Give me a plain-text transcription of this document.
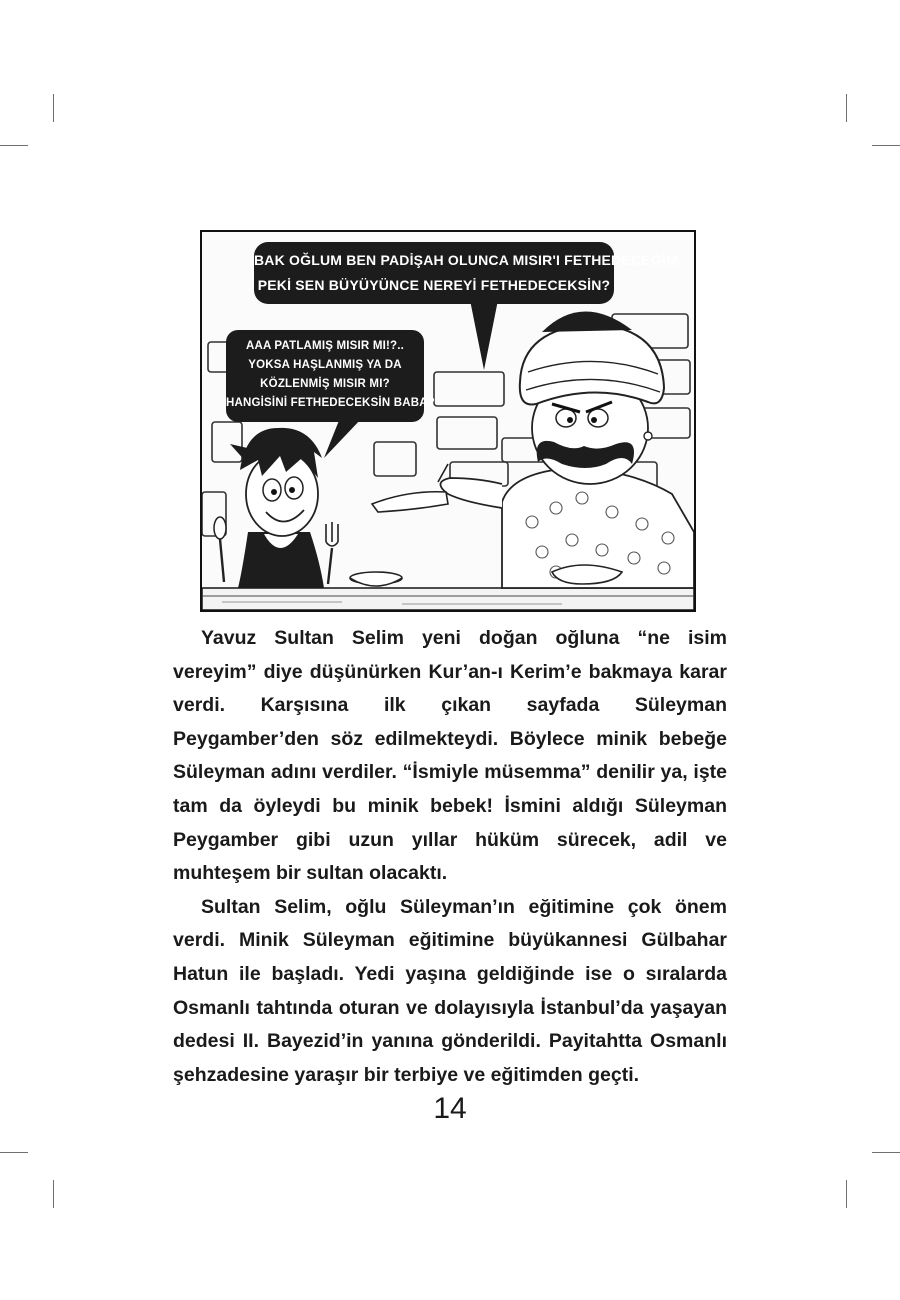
BAK OĞLUM BEN PADİŞAH OLUNCA MISIR'I FETHEDECEĞİM.
PEKİ SEN BÜYÜYÜNCE NEREYİ FETHEDECEKSİN?
AAA PATLAMIŞ MISIR MI!?..
YOKSA HAŞLANMIŞ YA DA
KÖZLENMİŞ MISIR MI?
HANGİSİNİ FETHEDECEKSİN BABA?

Yavuz Sultan Selim yeni doğan oğluna “ne isim vereyim” diye düşünürken Kur’an-ı Kerim’e bakmaya karar verdi. Karşısına ilk çıkan sayfada Süleyman Peygamber’den söz edilmekteydi. Böylece minik bebeğe Süleyman adını verdiler. “İsmiyle müsemma” denilir ya, işte tam da öyleydi bu minik bebek! İsmini aldığı Süleyman Peygamber gibi uzun yıllar hüküm sürecek, adil ve muhteşem bir sultan olacaktı.

Sultan Selim, oğlu Süleyman’ın eğitimine çok önem verdi. Minik Süleyman eğitimine büyükannesi Gülbahar Hatun ile başladı. Yedi yaşına geldiğinde ise o sıralarda Osmanlı tahtında oturan ve dolayısıyla İstanbul’da yaşayan dedesi II. Bayezid’in yanına gönderildi. Payitahtta Osmanlı şehzadesine yaraşır bir terbiye ve eğitimden geçti.

14
